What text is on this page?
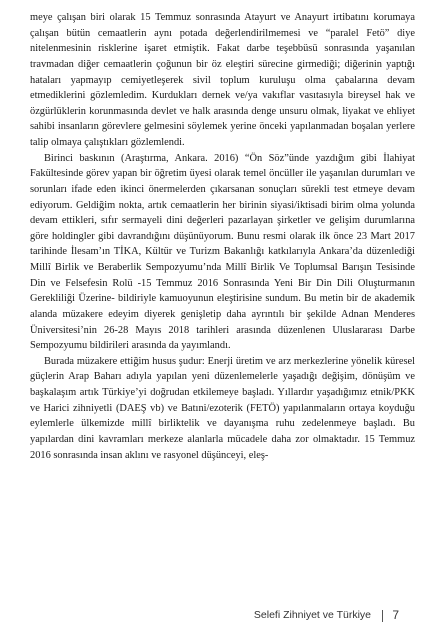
meye çalışan biri olarak 15 Temmuz sonrasında Atayurt ve Anayurt irtibatını korumaya çalışan bütün cemaatlerin aynı potada değerlendirilmemesi ve “paralel Fetö” diye nitelenmesinin risklerine işaret etmiştik. Fakat darbe teşebbüsü sonrasında yaşanılan travmadan diğer cemaatlerin çoğunun bir öz eleştiri sürecine girmediği; diğerinin yaptığı hataları yapmayıp cemiyetleşerek sivil toplum kuruluşu olma çabalarına devam etmediklerini gözlemledim. Kurdukları dernek ve/ya vakıflar vasıtasıyla bireysel hak ve özgürlüklerin korunmasında devlet ve halk arasında denge unsuru olmak, liyakat ve ehliyet sahibi insanların görevlere gelmesini söylemek yerine önceki yapılanmadan boşalan yerlere talip olmaya çalıştıkları gözlemlendi.

Birinci baskının (Araştırma, Ankara. 2016) “Ön Söz”ünde yazdığım gibi İlahiyat Fakültesinde görev yapan bir öğretim üyesi olarak temel öncüller ile yaşanılan durumları ve sorunları ifade eden ikinci önermelerden çıkarsanan sonuçları sürekli test etmeye devam ediyorum. Geldiğim nokta, artık cemaatlerin her birinin siyasi/iktisadi birim olma yolunda devam ettikleri, sıfır sermayeli dini değerleri pazarlayan şirketler ve gelişim durumlarına göre holdingler gibi davrandığını düşünüyorum. Bunu resmi olarak ilk önce 23 Mart 2017 tarihinde İlesam’ın TİKA, Kültür ve Turizm Bakanlığı katkılarıyla Ankara’da düzenlediği Millî Birlik ve Beraberlik Sempozyumu’nda Millî Birlik Ve Toplumsal Barışın Tesisinde Din ve Felsefesin Rolü -15 Temmuz 2016 Sonrasında Yeni Bir Din Dili Oluşturmanın Gerekliliği Üzerine- bildiriyle kamuoyunun eleştirisine sundum. Bu metin bir de akademik alanda müzakere edeyim diyerek genişletip daha ayrıntılı bir şekilde Adnan Menderes Üniversitesi’nin 26-28 Mayıs 2018 tarihleri arasında düzenlenen Uluslararası Darbe Sempozyumu bildirileri arasında da yayımlandı.

Burada müzakere ettiğim husus şudur: Enerji üretim ve arz merkezlerine yönelik küresel güçlerin Arap Baharı adıyla yapılan yeni düzenlemelerle yaşadığı değişim, dönüşüm ve başkalaşım artık Türkiye’yi doğrudan etkilemeye başladı. Yıllardır yaşadığımız etnik/PKK ve Harici zihniyetli (DAEŞ vb) ve Batıni/ezoterik (FETÖ) yapılanmaların ortaya koyduğu eylemlerle ülkemizde millî birliktelik ve dayanışma ruhu zedelenmeye başladı. Bu yapılardan dini kavramları merkeze alanlarla mücadele daha zor olmaktadır. 15 Temmuz 2016 sonrasında insan aklını ve rasyonel düşünceyi, eleş-

Selefi Zihniyet ve Türkiye 7
